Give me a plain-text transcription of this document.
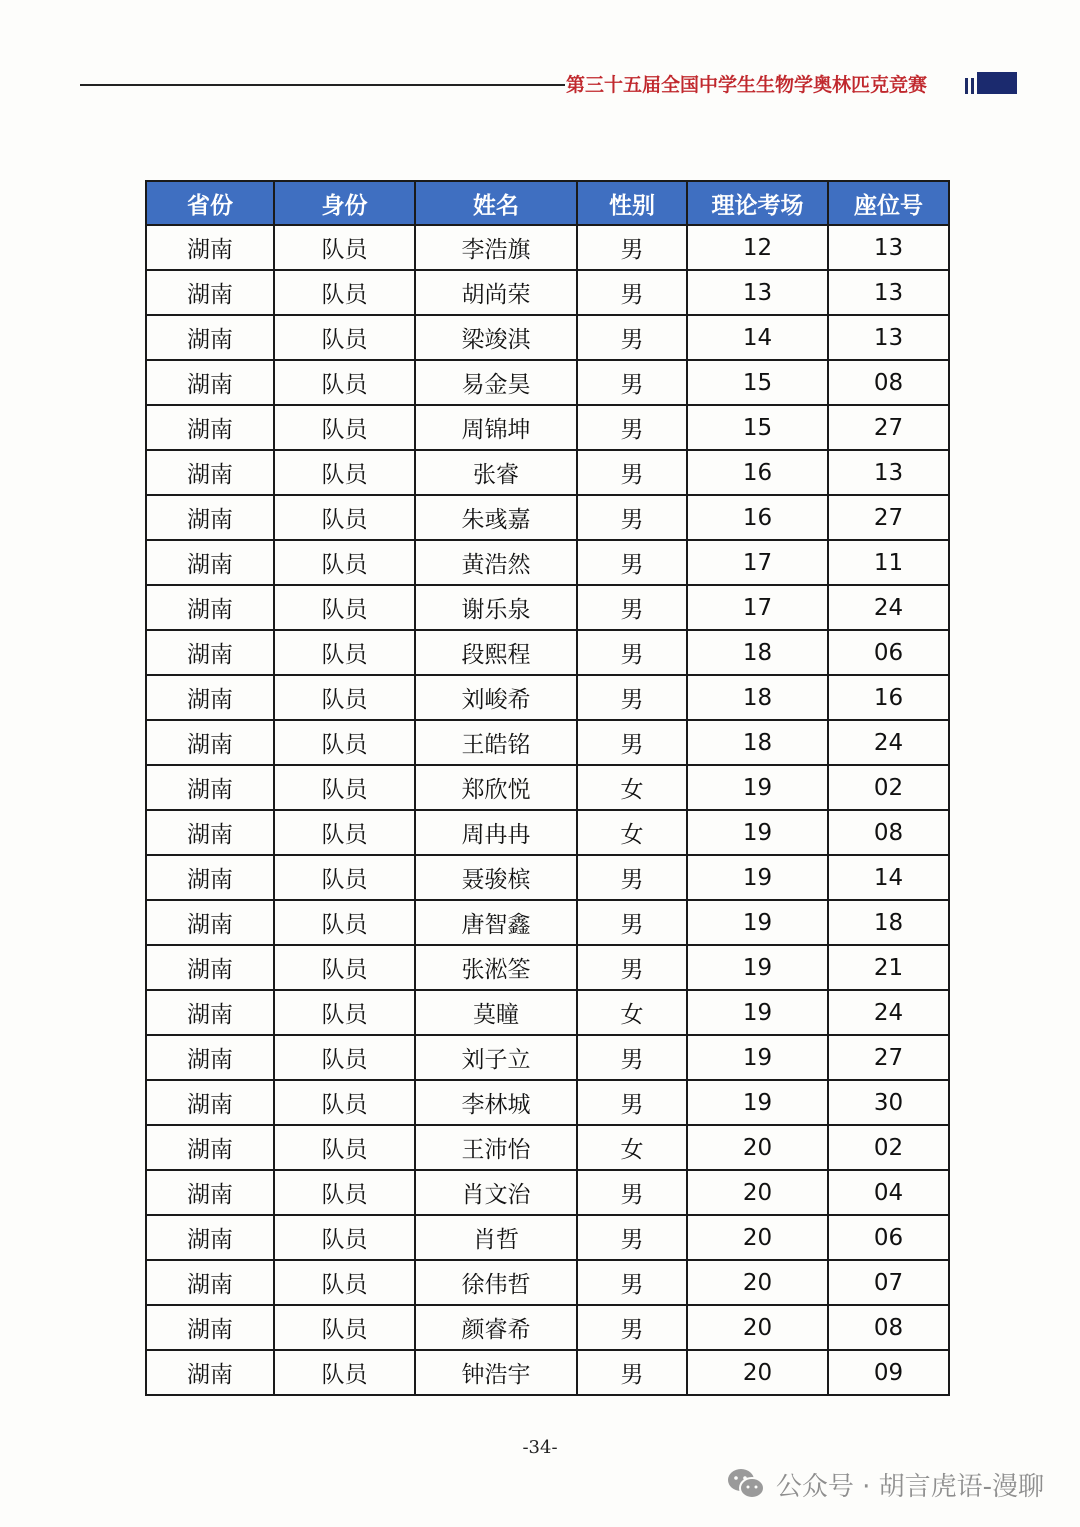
第三十五届全国中学生生物学奥林匹克竞赛
省份	身份	姓名	性别	理论考场	座位号
湖南	队员	李浩旗	男	12	13
湖南	队员	胡尚荣	男	13	13
湖南	队员	梁竣淇	男	14	13
湖南	队员	易金昊	男	15	08
湖南	队员	周锦坤	男	15	27
湖南	队员	张睿	男	16	13
湖南	队员	朱彧嘉	男	16	27
湖南	队员	黄浩然	男	17	11
湖南	队员	谢乐泉	男	17	24
湖南	队员	段熙程	男	18	06
湖南	队员	刘峻希	男	18	16
湖南	队员	王皓铭	男	18	24
湖南	队员	郑欣悦	女	19	02
湖南	队员	周冉冉	女	19	08
湖南	队员	聂骏槟	男	19	14
湖南	队员	唐智鑫	男	19	18
湖南	队员	张淞筌	男	19	21
湖南	队员	莫瞳	女	19	24
湖南	队员	刘子立	男	19	27
湖南	队员	李林城	男	19	30
湖南	队员	王沛怡	女	20	02
湖南	队员	肖文治	男	20	04
湖南	队员	肖哲	男	20	06
湖南	队员	徐伟哲	男	20	07
湖南	队员	颜睿希	男	20	08
湖南	队员	钟浩宇	男	20	09
-34-
公众号 · 胡言虎语-漫聊
